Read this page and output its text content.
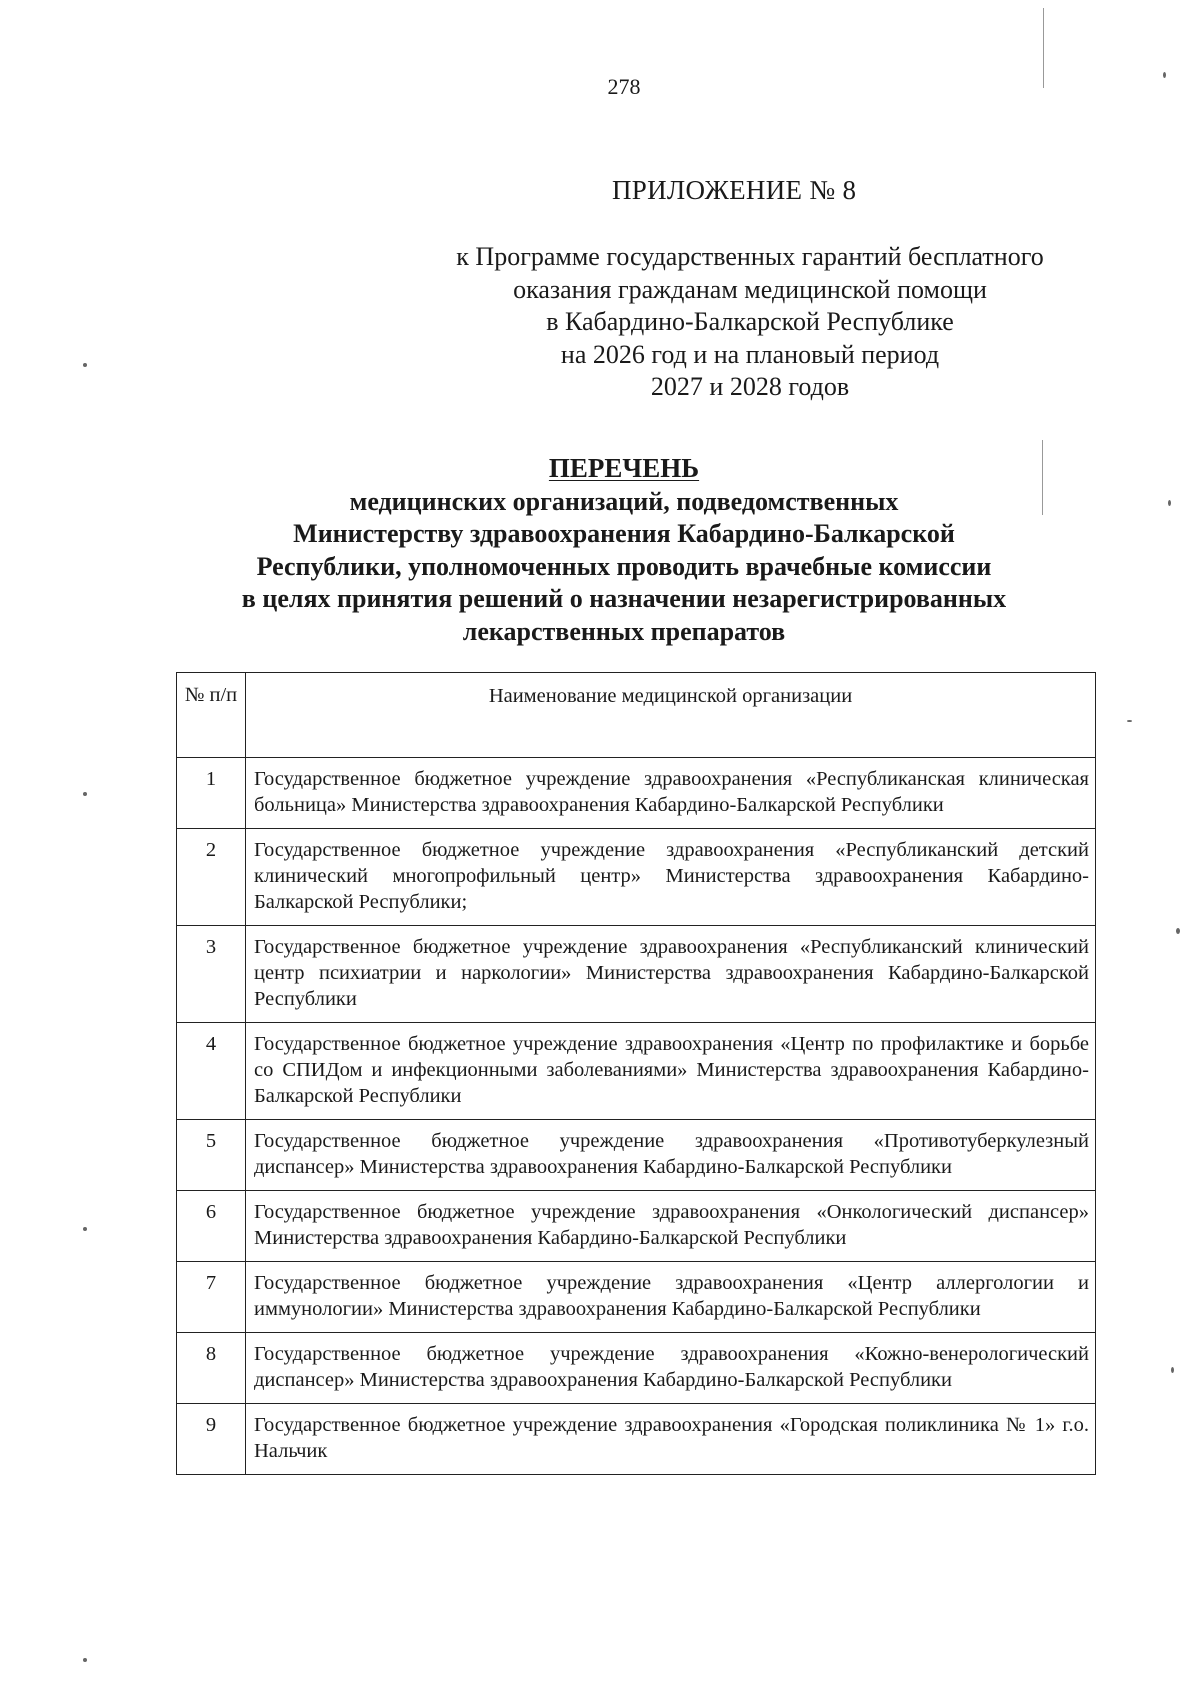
278
ПРИЛОЖЕНИЕ № 8
к Программе государственных гарантий бесплатного
оказания гражданам медицинской помощи
в Кабардино-Балкарской Республике
на 2026 год и на плановый период
2027 и 2028 годов
ПЕРЕЧЕНЬ
медицинских организаций, подведомственных
Министерству здравоохранения Кабардино-Балкарской
Республики, уполномоченных проводить врачебные комиссии
в целях принятия решений о назначении незарегистрированных
лекарственных препаратов
№ п/п	Наименование медицинской организации
1	Государственное бюджетное учреждение здравоохранения «Республиканская клиническая больница» Министерства здравоохранения Кабардино-Балкарской Республики
2	Государственное бюджетное учреждение здравоохранения «Республиканский детский клинический многопрофильный центр» Министерства здравоохранения Кабардино-Балкарской Республики;
3	Государственное бюджетное учреждение здравоохранения «Республиканский клинический центр психиатрии и наркологии» Министерства здравоохранения Кабардино-Балкарской Республики
4	Государственное бюджетное учреждение здравоохранения «Центр по профилактике и борьбе со СПИДом и инфекционными заболеваниями» Министерства здравоохранения Кабардино-Балкарской Республики
5	Государственное бюджетное учреждение здравоохранения «Противотуберкулезный диспансер» Министерства здравоохранения Кабардино-Балкарской Республики
6	Государственное бюджетное учреждение здравоохранения «Онкологический диспансер» Министерства здравоохранения Кабардино-Балкарской Республики
7	Государственное бюджетное учреждение здравоохранения «Центр аллергологии и иммунологии» Министерства здравоохранения Кабардино-Балкарской Республики
8	Государственное бюджетное учреждение здравоохранения «Кожно-венерологический диспансер» Министерства здравоохранения Кабардино-Балкарской Республики
9	Государственное бюджетное учреждение здравоохранения «Городская поликлиника № 1» г.о. Нальчик
